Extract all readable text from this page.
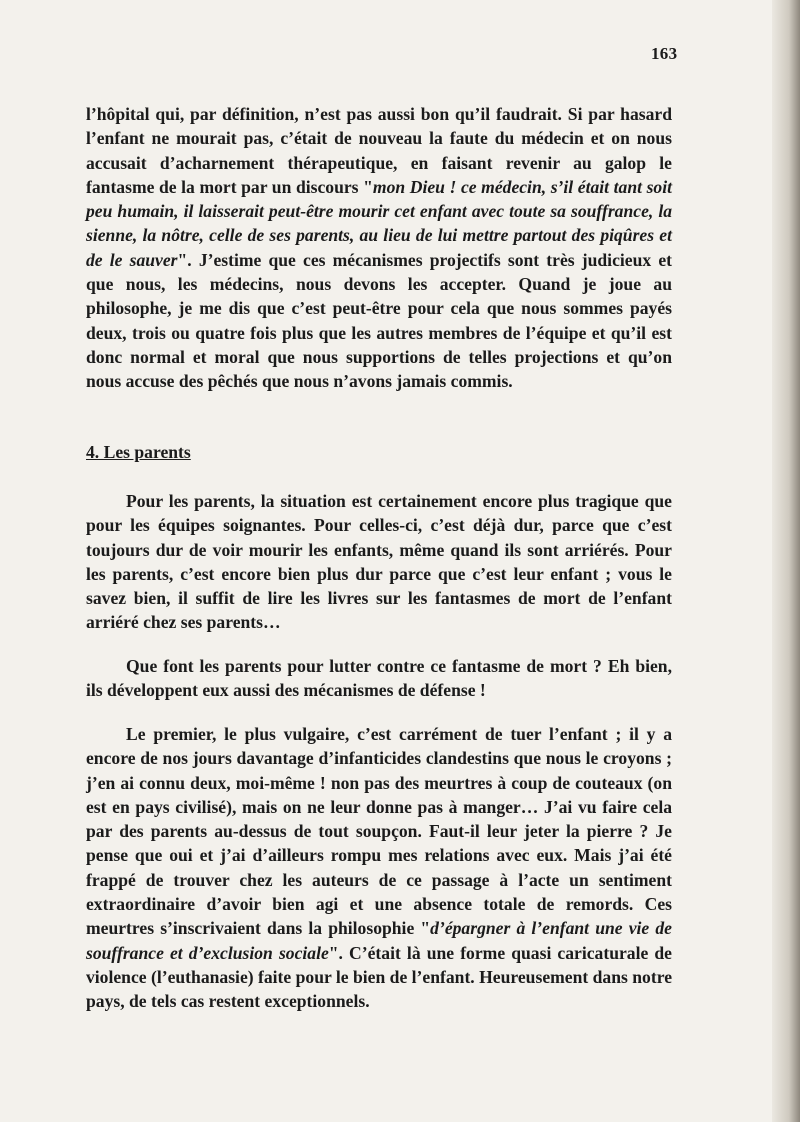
163

l’hôpital qui, par définition, n’est pas aussi bon qu’il faudrait. Si par hasard l’enfant ne mourait pas, c’était de nouveau la faute du médecin et on nous accusait d’acharnement thérapeutique, en faisant revenir au galop le fantasme de la mort par un discours "mon Dieu ! ce médecin, s’il était tant soit peu humain, il laisserait peut-être mourir cet enfant avec toute sa souffrance, la sienne, la nôtre, celle de ses parents, au lieu de lui mettre partout des piqûres et de le sauver". J’estime que ces mécanismes projectifs sont très judicieux et que nous, les médecins, nous devons les accepter. Quand je joue au philosophe, je me dis que c’est peut-être pour cela que nous sommes payés deux, trois ou quatre fois plus que les autres membres de l’équipe et qu’il est donc normal et moral que nous supportions de telles projections et qu’on nous accuse des pêchés que nous n’avons jamais commis.

4. Les parents

Pour les parents, la situation est certainement encore plus tragique que pour les équipes soignantes. Pour celles-ci, c’est déjà dur, parce que c’est toujours dur de voir mourir les enfants, même quand ils sont arriérés. Pour les parents, c’est encore bien plus dur parce que c’est leur enfant ; vous le savez bien, il suffit de lire les livres sur les fantasmes de mort de l’enfant arriéré chez ses parents…

Que font les parents pour lutter contre ce fantasme de mort ? Eh bien, ils développent eux aussi des mécanismes de défense !

Le premier, le plus vulgaire, c’est carrément de tuer l’enfant ; il y a encore de nos jours davantage d’infanticides clandestins que nous le croyons ; j’en ai connu deux, moi-même ! non pas des meurtres à coup de couteaux (on est en pays civilisé), mais on ne leur donne pas à manger… J’ai vu faire cela par des parents au-dessus de tout soupçon. Faut-il leur jeter la pierre ? Je pense que oui et j’ai d’ailleurs rompu mes relations avec eux. Mais j’ai été frappé de trouver chez les auteurs de ce passage à l’acte un sentiment extraordinaire d’avoir bien agi et une absence totale de remords. Ces meurtres s’inscrivaient dans la philosophie "d’épargner à l’enfant une vie de souffrance et d’exclusion sociale". C’était là une forme quasi caricaturale de violence (l’euthanasie) faite pour le bien de l’enfant. Heureusement dans notre pays, de tels cas restent exceptionnels.
